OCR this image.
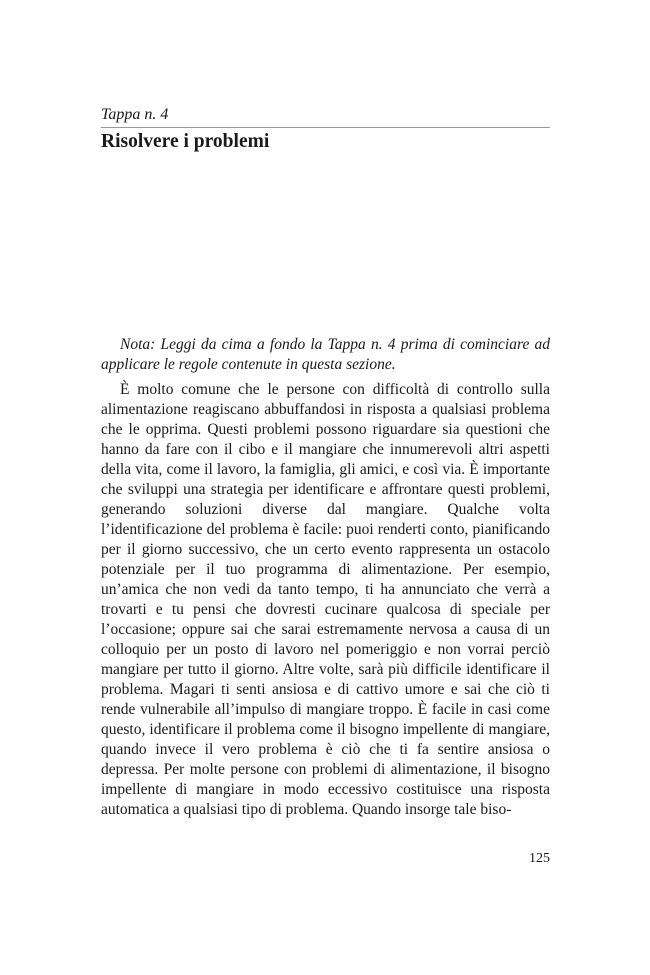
Tappa n. 4
Risolvere i problemi

Nota: Leggi da cima a fondo la Tappa n. 4 prima di cominciare ad applicare le regole contenute in questa sezione.

È molto comune che le persone con difficoltà di controllo sulla alimentazione reagiscano abbuffandosi in risposta a qualsiasi problema che le opprima. Questi problemi possono riguardare sia questioni che hanno da fare con il cibo e il mangiare che innumerevoli altri aspetti della vita, come il lavoro, la famiglia, gli amici, e così via. È importante che sviluppi una strategia per identificare e affrontare questi problemi, generando soluzioni diverse dal mangiare. Qualche volta l’identificazione del problema è facile: puoi renderti conto, pianificando per il giorno successivo, che un certo evento rappresenta un ostacolo potenziale per il tuo programma di alimentazione. Per esempio, un’amica che non vedi da tanto tempo, ti ha annunciato che verrà a trovarti e tu pensi che dovresti cucinare qualcosa di speciale per l’occasione; oppure sai che sarai estremamente nervosa a causa di un colloquio per un posto di lavoro nel pomeriggio e non vorrai perciò mangiare per tutto il giorno. Altre volte, sarà più difficile identificare il problema. Magari ti senti ansiosa e di cattivo umore e sai che ciò ti rende vulnerabile all’impulso di mangiare troppo. È facile in casi come questo, identificare il problema come il bisogno impellente di mangiare, quando invece il vero problema è ciò che ti fa sentire ansiosa o depressa. Per molte persone con problemi di alimentazione, il bisogno impellente di mangiare in modo eccessivo costituisce una risposta automatica a qualsiasi tipo di problema. Quando insorge tale biso-

125
